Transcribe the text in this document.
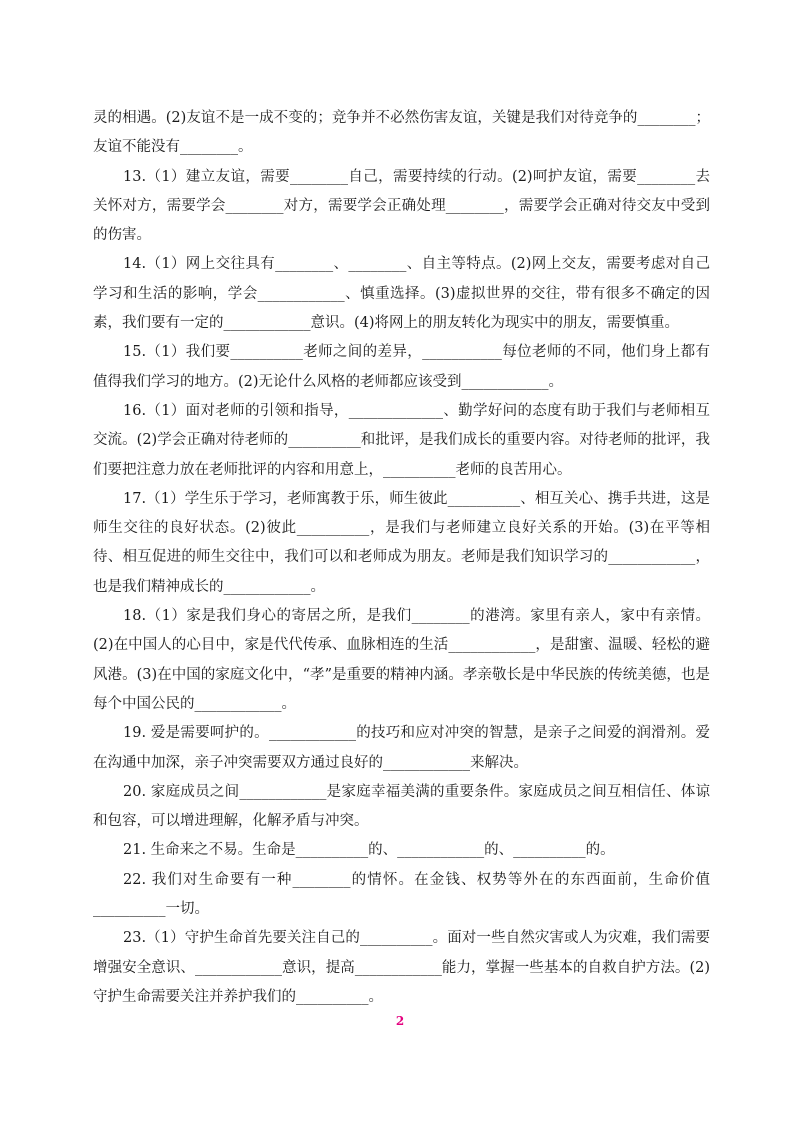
灵的相遇。(2)友谊不是一成不变的；竞争并不必然伤害友谊，关键是我们对待竞争的________；友谊不能没有________。

13.（1）建立友谊，需要________自己，需要持续的行动。(2)呵护友谊，需要________去关怀对方，需要学会________对方，需要学会正确处理________，需要学会正确对待交友中受到的伤害。

14.（1）网上交往具有________、________、自主等特点。(2)网上交友，需要考虑对自己学习和生活的影响，学会____________、慎重选择。(3)虚拟世界的交往，带有很多不确定的因素，我们要有一定的____________意识。(4)将网上的朋友转化为现实中的朋友，需要慎重。

15.（1）我们要__________老师之间的差异，___________每位老师的不同，他们身上都有值得我们学习的地方。(2)无论什么风格的老师都应该受到____________。

16.（1）面对老师的引领和指导，_____________、勤学好问的态度有助于我们与老师相互交流。(2)学会正确对待老师的__________和批评，是我们成长的重要内容。对待老师的批评，我们要把注意力放在老师批评的内容和用意上，__________老师的良苦用心。

17.（1）学生乐于学习，老师寓教于乐，师生彼此__________、相互关心、携手共进，这是师生交往的良好状态。(2)彼此__________，是我们与老师建立良好关系的开始。(3)在平等相待、相互促进的师生交往中，我们可以和老师成为朋友。老师是我们知识学习的____________，也是我们精神成长的____________。

18.（1）家是我们身心的寄居之所，是我们________的港湾。家里有亲人，家中有亲情。(2)在中国人的心目中，家是代代传承、血脉相连的生活____________，是甜蜜、温暖、轻松的避风港。(3)在中国的家庭文化中，“孝”是重要的精神内涵。孝亲敬长是中华民族的传统美德，也是每个中国公民的____________。

19. 爱是需要呵护的。____________的技巧和应对冲突的智慧，是亲子之间爱的润滑剂。爱在沟通中加深，亲子冲突需要双方通过良好的____________来解决。

20. 家庭成员之间____________是家庭幸福美满的重要条件。家庭成员之间互相信任、体谅和包容，可以增进理解，化解矛盾与冲突。

21. 生命来之不易。生命是__________的、____________的、__________的。

22. 我们对生命要有一种________的情怀。在金钱、权势等外在的东西面前，生命价值__________一切。

23.（1）守护生命首先要关注自己的__________。面对一些自然灾害或人为灾难，我们需要增强安全意识、____________意识，提高____________能力，掌握一些基本的自救自护方法。(2)守护生命需要关注并养护我们的__________。

2
